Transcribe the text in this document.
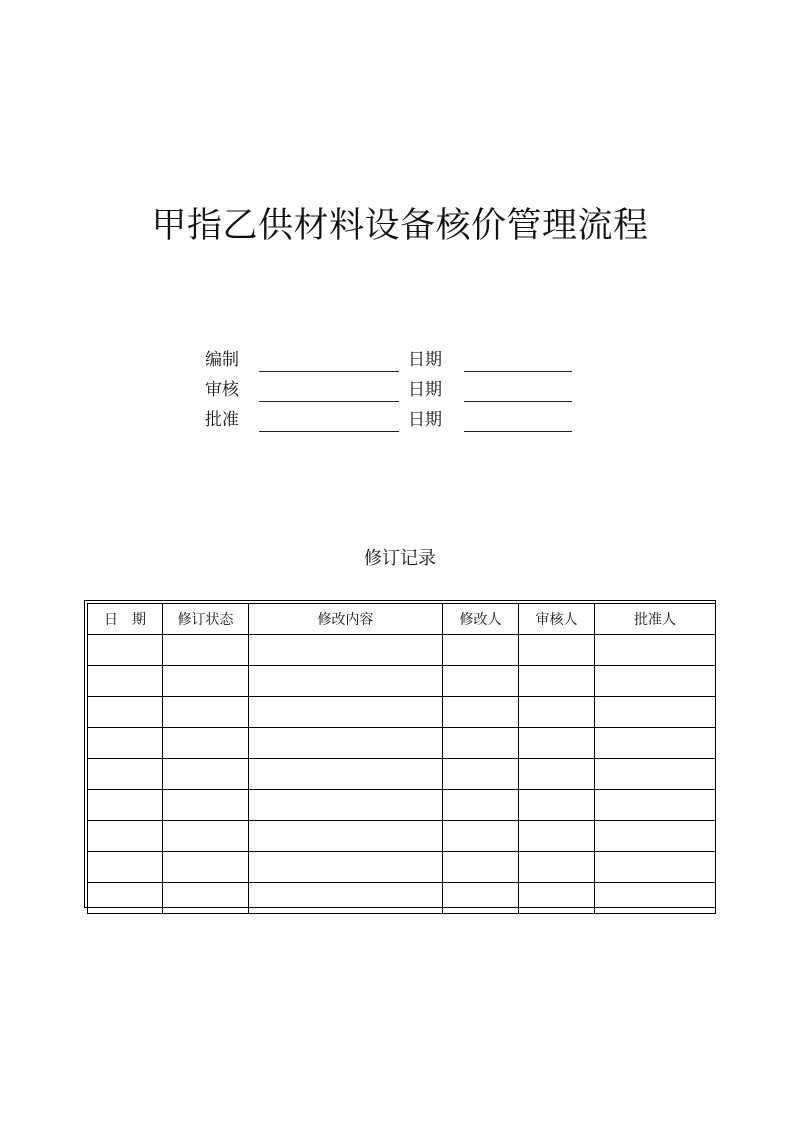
甲指乙供材料设备核价管理流程
编制	日期
审核	日期
批准	日期
修订记录
日　期	修订状态	修改内容	修改人	审核人	批准人
